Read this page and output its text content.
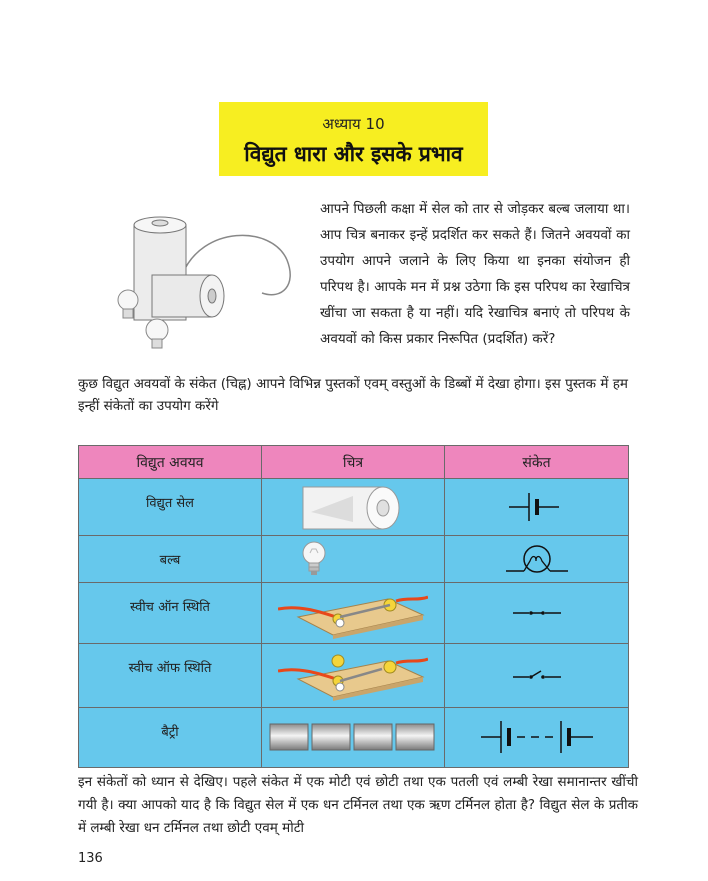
अध्याय 10
विद्युत धारा और इसके प्रभाव
आपने पिछली कक्षा में सेल को तार से जोड़कर बल्ब जलाया था। आप चित्र बनाकर इन्हें प्रदर्शित कर सकते हैं। जितने अवयवों का उपयोग आपने जलाने के लिए किया था इनका संयोजन ही परिपथ है। आपके मन में प्रश्न उठेगा कि इस परिपथ का रेखाचित्र खींचा जा सकता है या नहीं। यदि रेखाचित्र बनाएं तो परिपथ के अवयवों को किस प्रकार निरूपित (प्रदर्शित) करें?
कुछ विद्युत अवयवों के संकेत (चिह्न) आपने विभिन्न पुस्तकों एवम् वस्तुओं के डिब्बों में देखा होगा। इस पुस्तक में हम इन्हीं संकेतों का उपयोग करेंगे
विद्युत अवयव	चित्र	संकेत
विद्युत सेल	

बल्ब	

स्वीच ऑन स्थिति	

स्वीच ऑफ स्थिति	

बैट्री	

इन संकेतों को ध्यान से देखिए। पहले संकेत में एक मोटी एवं छोटी तथा एक पतली एवं लम्बी रेखा समानान्तर खींची गयी है। क्या आपको याद है कि विद्युत सेल में एक धन टर्मिनल तथा एक ऋण टर्मिनल होता है? विद्युत सेल के प्रतीक में लम्बी रेखा धन टर्मिनल तथा छोटी एवम् मोटी
136
